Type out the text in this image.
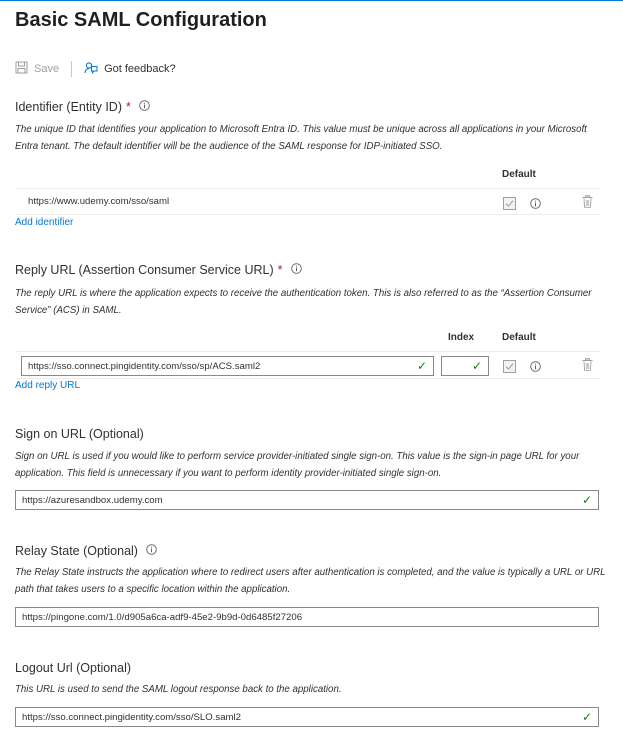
Basic SAML Configuration
Save	Got feedback?
Identifier (Entity ID) *
The unique ID that identifies your application to Microsoft Entra ID. This value must be unique across all applications in your Microsoft Entra tenant. The default identifier will be the audience of the SAML response for IDP-initiated SSO.
Default
https://www.udemy.com/sso/saml
Add identifier
Reply URL (Assertion Consumer Service URL) *
The reply URL is where the application expects to receive the authentication token. This is also referred to as the “Assertion Consumer Service” (ACS) in SAML.
Index	Default
https://sso.connect.pingidentity.com/sso/sp/ACS.saml2	✓	✓
Add reply URL
Sign on URL (Optional)
Sign on URL is used if you would like to perform service provider-initiated single sign-on. This value is the sign-in page URL for your application. This field is unnecessary if you want to perform identity provider-initiated single sign-on.
https://azuresandbox.udemy.com	✓
Relay State (Optional)
The Relay State instructs the application where to redirect users after authentication is completed, and the value is typically a URL or URL path that takes users to a specific location within the application.
https://pingone.com/1.0/d905a6ca-adf9-45e2-9b9d-0d6485f27206
Logout Url (Optional)
This URL is used to send the SAML logout response back to the application.
https://sso.connect.pingidentity.com/sso/SLO.saml2	✓
